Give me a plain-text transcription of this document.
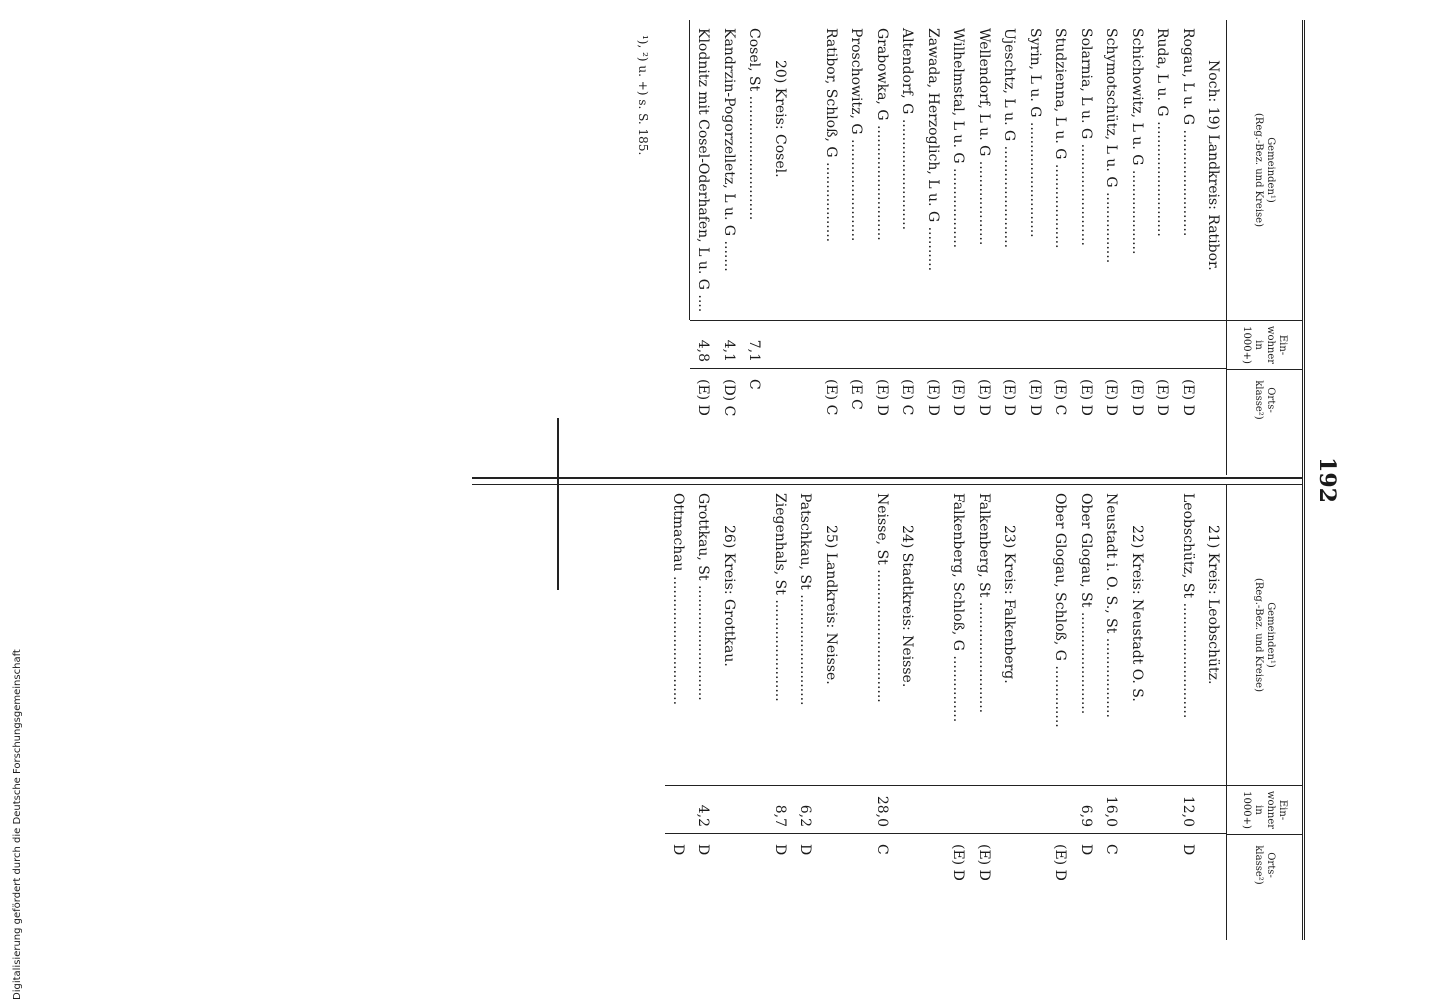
192
Gemeinden¹)
(Reg.-Bez. und Kreise)
Ein-
wohner
in
1000+)
Orts-
klasse²)
Noch: 19) Landkreis: Ratibor.
Rogau, L u. G ........................
(E) D
Ruda, L u. G ..........................
(E) D
Schichowitz, L u. G ...................
(E) D
Schymotschütz, L u. G ................
(E) D
Solarnia, L u. G .......................
(E) D
Studzienna, L u. G ...................
(E) C
Syrin, L u. G ..........................
(E) D
Ujeschtz, L u. G .......................
(E) D
Wellendorf, L u. G ...................
(E) D
Wilhelmstal, L u. G ..................
(E) D
Zawada, Herzoglich, L u. G ..........
(E) D
Altendorf, G .........................
(E) C
Grabowka, G ..........................
(E) D
Proschowitz, G .......................
(E C
Ratibor, Schloß, G ..................
(E) C
20) Kreis: Cosel.
Cosel, St ............................
7,1
C
Kandrzin-Pogorzelletz, L u. G .......
4,1
(D) C
Klodnitz mit Cosel-Oderhafen, L u. G ....
4,8
(E) D
Gemeinden¹)
(Reg.-Bez. und Kreise)
Ein-
wohner
in
1000+)
Orts-
klasse²)
21) Kreis: Leobschütz.
Leobschütz, St ..........................
12,0
D
22) Kreis: Neustadt O. S.
Neustadt i. O. S., St ..................
16,0
C
Ober Glogau, St .......................
6,9
D
Ober Glogau, Schloß, G ..............
(E) D
23) Kreis: Falkenberg.
Falkenberg, St .........................
(E) D
Falkenberg, Schloß, G ...............
(E) D
24) Stadtkreis: Neisse.
Neisse, St ..............................
28,0
C
25) Landkreis: Neisse.
Patschkau, St .........................
6,2
D
Ziegenhals, St .......................
8,7
D
26) Kreis: Grottkau.
Grottkau, St ..........................
4,2
D
Ottmachau .............................
D
¹), ²) u. +) s. S. 185.
Digitalisierung gefördert durch die Deutsche Forschungsgemeinschaft
